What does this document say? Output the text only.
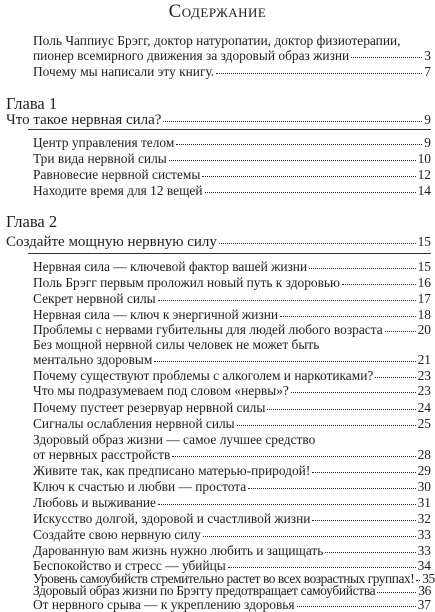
Содержание
Поль Чаппиус Брэгг, доктор натуропатии, доктор физиотерапии,
пионер всемирного движения за здоровый образ жизни	3
Почему мы написали эту книгу.	7
Глава 1
Что такое нервная сила?	9
Центр управления телом	9
Три вида нервной силы	10
Равновесие нервной системы	12
Находите время для 12 вещей	14
Глава 2
Создайте мощную нервную силу	15
Нервная сила — ключевой фактор вашей жизни	15
Поль Брэгг первым проложил новый путь к здоровью	16
Секрет нервной силы	17
Нервная сила — ключ к энергичной жизни	18
Проблемы с нервами губительны для людей любого возраста	20
Без мощной нервной силы человек не может быть
ментально здоровым	21
Почему существуют проблемы с алкоголем и наркотиками?	23
Что мы подразумеваем под словом «нервы»?	23
Почему пустеет резервуар нервной силы	24
Сигналы ослабления нервной силы	25
Здоровый образ жизни — самое лучшее средство
от нервных расстройств	28
Живите так, как предписано матерью-природой!	29
Ключ к счастью и любви — простота	30
Любовь и выживание	31
Искусство долгой, здоровой и счастливой жизни	32
Создайте свою нервную силу	33
Дарованную вам жизнь нужно любить и защищать	33
Беспокойство и стресс — убийцы	34
Уровень самоубийств стремительно растет во всех возрастных группах! 35
Здоровый образ жизни по Брэггу предотвращает самоубийства	36
От нервного срыва — к укреплению здоровья	37
